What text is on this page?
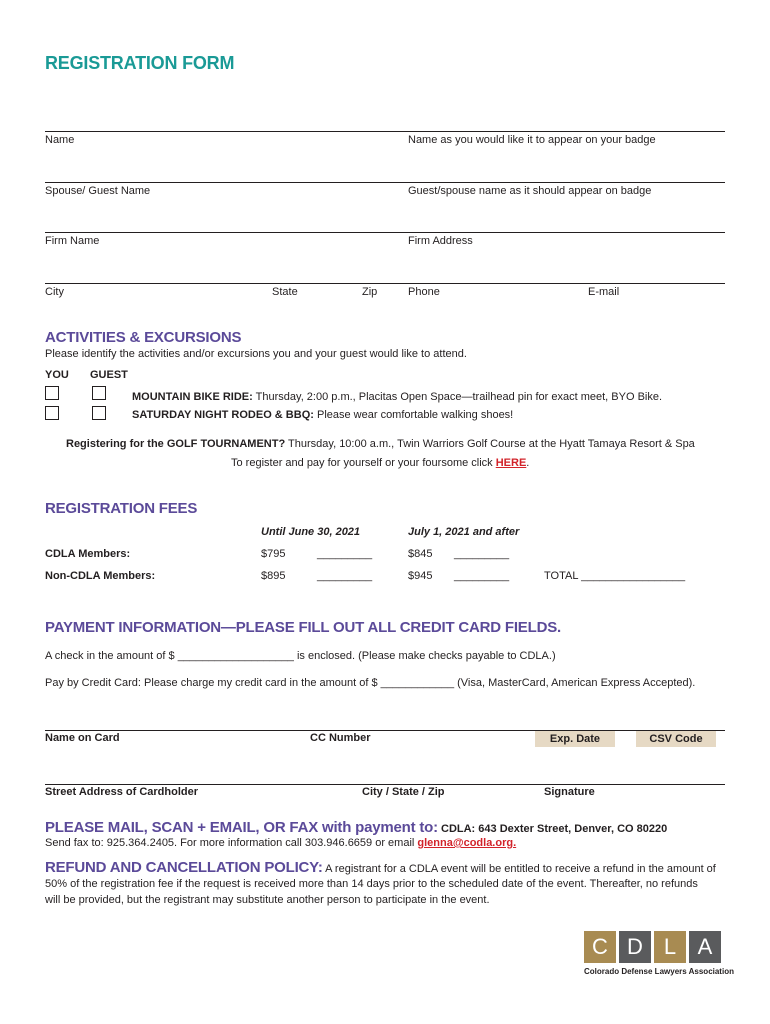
REGISTRATION FORM
Name	Name as you would like it to appear on your badge
Spouse/ Guest Name	Guest/spouse name as it should appear on badge
Firm Name	Firm Address
City	State	Zip	Phone	E-mail
ACTIVITIES & EXCURSIONS
Please identify the activities and/or excursions you and your guest would like to attend.
YOU GUEST
MOUNTAIN BIKE RIDE: Thursday, 2:00 p.m., Placitas Open Space—trailhead pin for exact meet, BYO Bike.
SATURDAY NIGHT RODEO & BBQ: Please wear comfortable walking shoes!
Registering for the GOLF TOURNAMENT? Thursday, 10:00 a.m., Twin Warriors Golf Course at the Hyatt Tamaya Resort & Spa
To register and pay for yourself or your foursome click HERE.
REGISTRATION FEES
Until June 30, 2021	July 1, 2021 and after
CDLA Members:	$795	_________	$845 _________
Non-CDLA Members:	$895	_________	$945 _________	TOTAL _________________
PAYMENT INFORMATION—PLEASE FILL OUT ALL CREDIT CARD FIELDS.
A check in the amount of $ ___________________ is enclosed. (Please make checks payable to CDLA.)
Pay by Credit Card: Please charge my credit card in the amount of $ ____________ (Visa, MasterCard, American Express Accepted).
Name on Card	CC Number	Exp. Date	CSV Code
Street Address of Cardholder	City / State / Zip	Signature
PLEASE MAIL, SCAN + EMAIL, OR FAX with payment to: CDLA: 643 Dexter Street, Denver, CO 80220
Send fax to: 925.364.2405. For more information call 303.946.6659 or email glenna@codla.org.
REFUND AND CANCELLATION POLICY: A registrant for a CDLA event will be entitled to receive a refund in the amount of
50% of the registration fee if the request is received more than 14 days prior to the scheduled date of the event. Thereafter, no refunds
will be provided, but the registrant may substitute another person to participate in the event.
C D L A
Colorado Defense Lawyers Association
